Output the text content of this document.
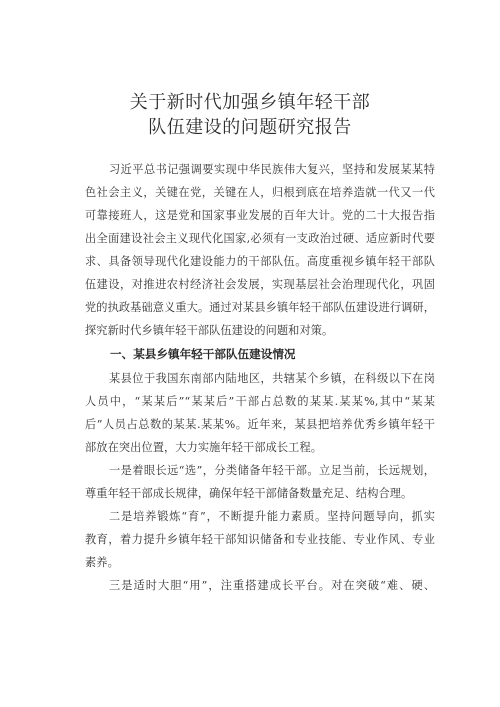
关于新时代加强乡镇年轻干部
队伍建设的问题研究报告
习近平总书记强调要实现中华民族伟大复兴，坚持和发展某某特
色社会主义，关键在党，关键在人，归根到底在培养造就一代又一代
可靠接班人，这是党和国家事业发展的百年大计。党的二十大报告指
出全面建设社会主义现代化国家,必须有一支政治过硬、适应新时代要
求、具备领导现代化建设能力的干部队伍。高度重视乡镇年轻干部队
伍建设，对推进农村经济社会发展，实现基层社会治理现代化，巩固
党的执政基础意义重大。通过对某县乡镇年轻干部队伍建设进行调研，
探究新时代乡镇年轻干部队伍建设的问题和对策。
一、某县乡镇年轻干部队伍建设情况
某县位于我国东南部内陆地区，共辖某个乡镇，在科级以下在岗
人员中，“某某后”“某某后”干部占总数的某某.某某%,其中“某某
后”人员占总数的某某.某某%。近年来，某县把培养优秀乡镇年轻干
部放在突出位置，大力实施年轻干部成长工程。
一是着眼长远“选”，分类储备年轻干部。立足当前，长远规划，
尊重年轻干部成长规律，确保年轻干部储备数量充足、结构合理。
二是培养锻炼“育”，不断提升能力素质。坚持问题导向，抓实
教育，着力提升乡镇年轻干部知识储备和专业技能、专业作风、专业
素养。
三是适时大胆“用”，注重搭建成长平台。对在突破“难、硬、
